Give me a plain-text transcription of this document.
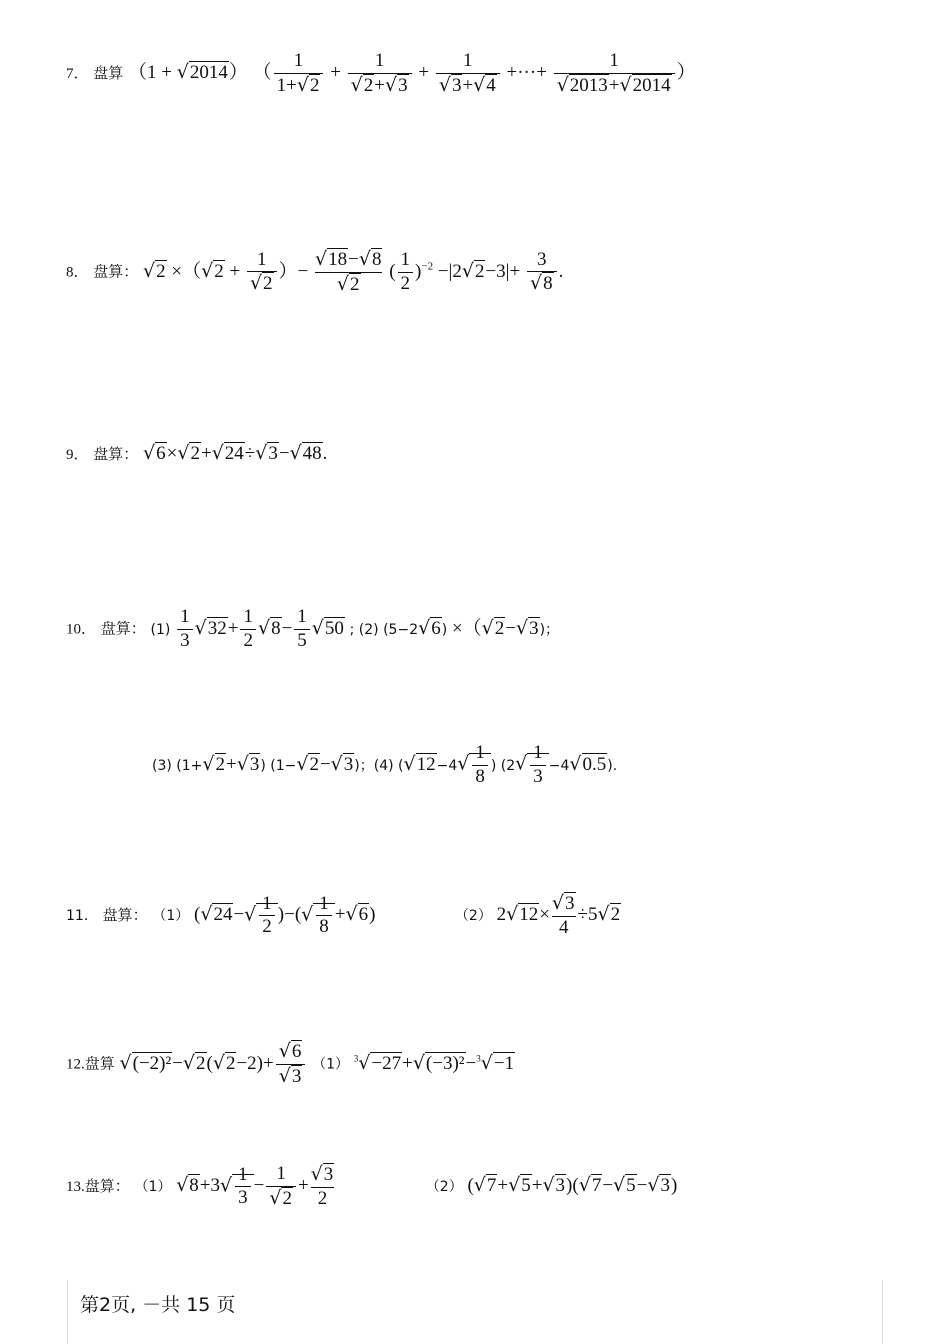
7． 盘算 （1 + √2014） （ $\frac{1}{1+√2} + \frac{1}{√2+√3} + \frac{1}{√3+√4}$ +···+ $\frac{1}{√2013+√2014}$ ）
8． 盘算： $√2 \times(√2 + \frac{1}{√2}$ ）− $\frac{√18-√8}{√2}$ ( $\frac{1}{2} )^{-2} -|2√2-3|+ \frac{3}{√8}$ .
9． 盘算： √6×√2+√24÷√3−√48.
10． 盘算： $(1) \frac{1}{3} √32+ \frac{1}{2} √8- \frac{1}{5} √50$ ; (2) (5−2√6) ×（√2−√3)；
(3) (1+√2+√3) (1−√2−√3)；(4) ($√12-4√ \frac{1}{8}$ ) $(2√ \frac{1}{3} -4√0.5)$.
11． 盘算： （1） ($√24-√ \frac{1}{2}$ )−(√ $\frac{1}{8} +√6$)	（2） $2√12\times \frac{√3}{4} \div 5√2$
12.盘算 $√(-2)^2-√2(√2-2)+ \frac{√6}{√3} (1)$ $^3$√−27+√(−3)²−$^3$√−1
13.盘算： （1） $√8+3√ \frac{1}{3} - \frac{1}{√2} + \frac{√3}{2}$	（2） (√7+√5+√3)(√7−√5−√3)
第2页, －共 15 页
